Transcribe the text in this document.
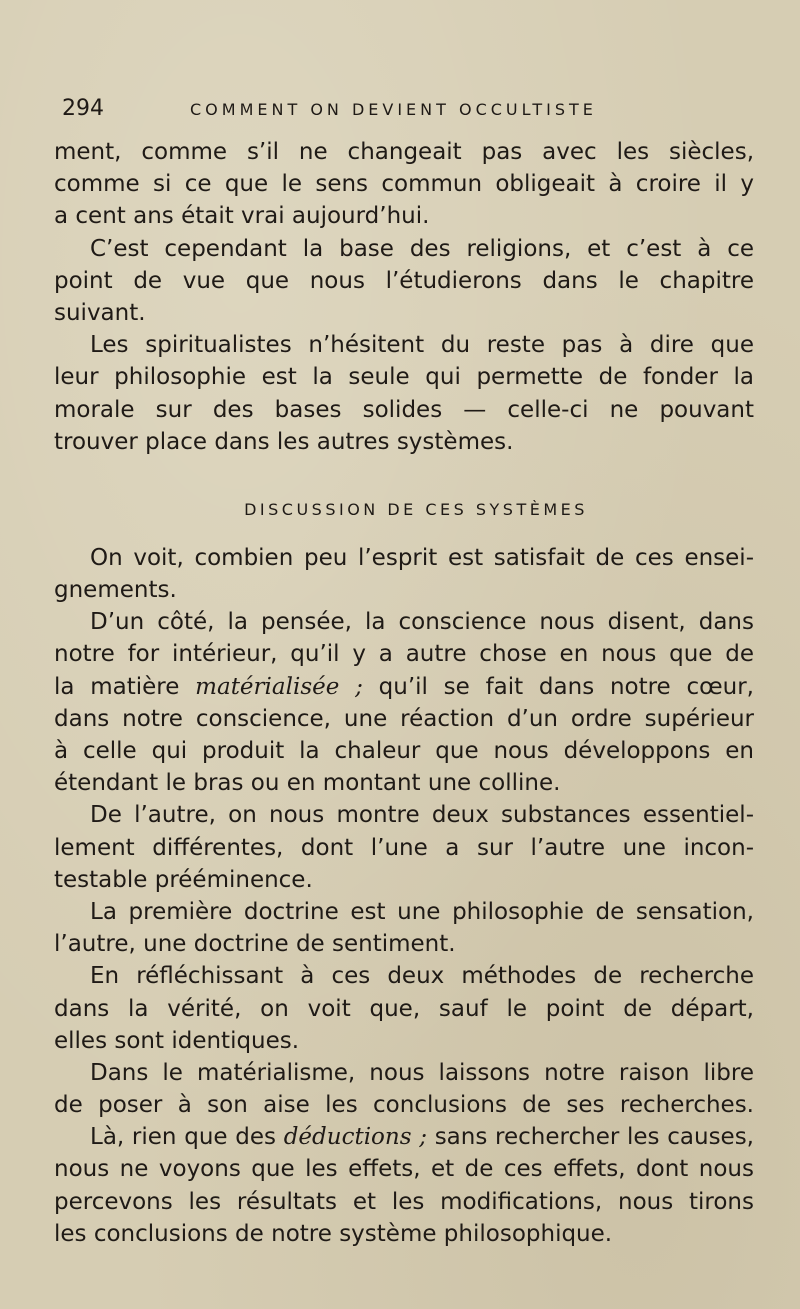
294	COMMENT ON DEVIENT OCCULTISTE
ment, comme s’il ne changeait pas avec les siècles,
comme si ce que le sens commun obligeait à croire il y
a cent ans était vrai aujourd’hui.
C’est cependant la base des religions, et c’est à ce
point de vue que nous l’étudierons dans le chapitre
suivant.
Les spiritualistes n’hésitent du reste pas à dire que
leur philosophie est la seule qui permette de fonder la
morale sur des bases solides — celle-ci ne pouvant
trouver place dans les autres systèmes.
DISCUSSION DE CES SYSTÈMES
On voit, combien peu l’esprit est satisfait de ces ensei-
gnements.
D’un côté, la pensée, la conscience nous disent, dans
notre for intérieur, qu’il y a autre chose en nous que de
la matière matérialisée ; qu’il se fait dans notre cœur,
dans notre conscience, une réaction d’un ordre supérieur
à celle qui produit la chaleur que nous développons en
étendant le bras ou en montant une colline.
De l’autre, on nous montre deux substances essentiel-
lement différentes, dont l’une a sur l’autre une incon-
testable prééminence.
La première doctrine est une philosophie de sensation,
l’autre, une doctrine de sentiment.
En réfléchissant à ces deux méthodes de recherche
dans la vérité, on voit que, sauf le point de départ,
elles sont identiques.
Dans le matérialisme, nous laissons notre raison libre
de poser à son aise les conclusions de ses recherches.
Là, rien que des déductions ; sans rechercher les causes,
nous ne voyons que les effets, et de ces effets, dont nous
percevons les résultats et les modifications, nous tirons
les conclusions de notre système philosophique.
